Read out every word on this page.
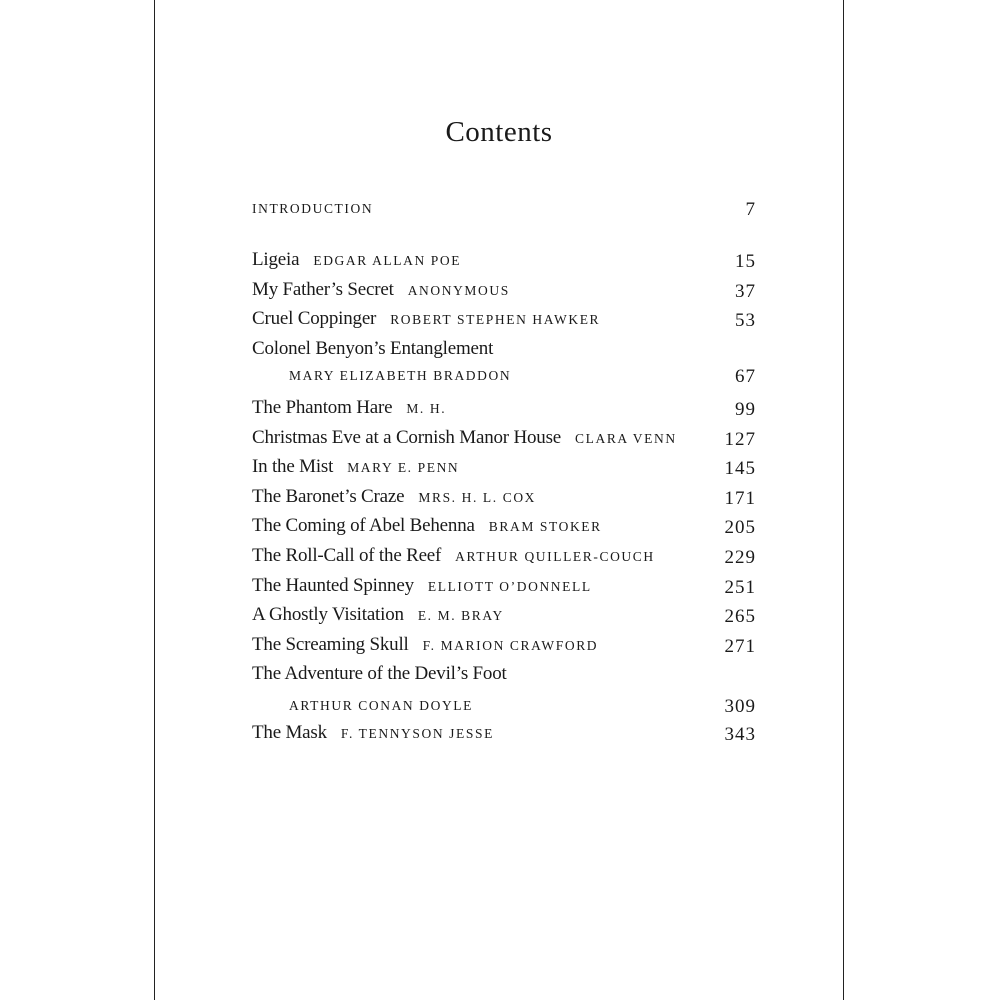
Contents
INTRODUCTION	7
Ligeia EDGAR ALLAN POE	15
My Father’s Secret ANONYMOUS	37
Cruel Coppinger ROBERT STEPHEN HAWKER	53
Colonel Benyon’s Entanglement
MARY ELIZABETH BRADDON	67
The Phantom Hare M. H.	99
Christmas Eve at a Cornish Manor House CLARA VENN	127
In the Mist MARY E. PENN	145
The Baronet’s Craze MRS. H. L. COX	171
The Coming of Abel Behenna BRAM STOKER	205
The Roll-Call of the Reef ARTHUR QUILLER-COUCH	229
The Haunted Spinney ELLIOTT O’DONNELL	251
A Ghostly Visitation E. M. BRAY	265
The Screaming Skull F. MARION CRAWFORD	271
The Adventure of the Devil’s Foot
ARTHUR CONAN DOYLE	309
The Mask F. TENNYSON JESSE	343
